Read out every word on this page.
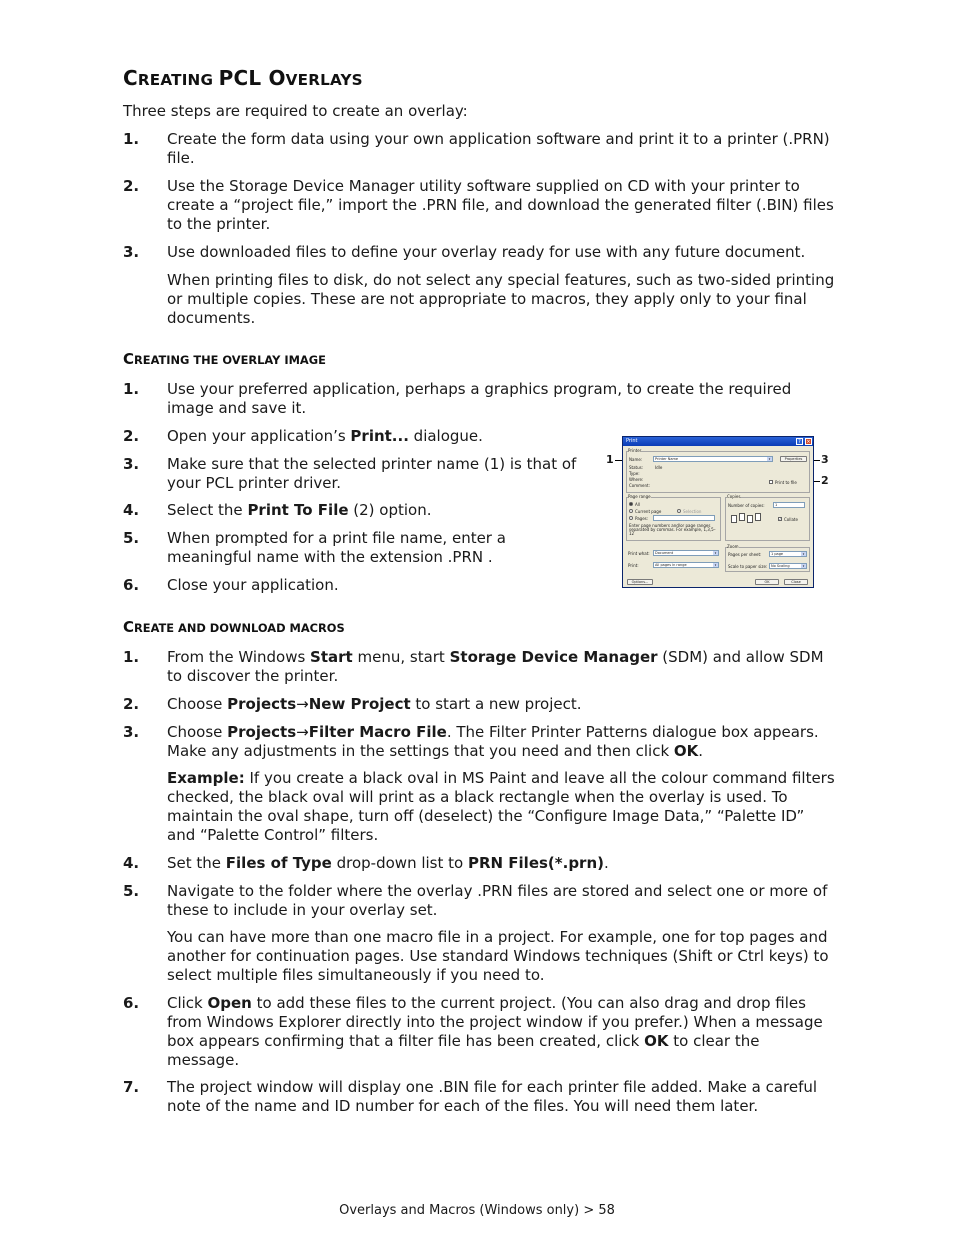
CREATING PCL OVERLAYS
Three steps are required to create an overlay:
1. Create the form data using your own application software and print it to a printer (.PRN) file.
2. Use the Storage Device Manager utility software supplied on CD with your printer to create a “project file,” import the .PRN file, and download the generated filter (.BIN) files to the printer.
3. Use downloaded files to define your overlay ready for use with any future document.
When printing files to disk, do not select any special features, such as two-sided printing or multiple copies. These are not appropriate to macros, they apply only to your final documents.
CREATING THE OVERLAY IMAGE
1. Use your preferred application, perhaps a graphics program, to create the required image and save it.
2. Open your application’s Print... dialogue.
3. Make sure that the selected printer name (1) is that of your PCL printer driver.
4. Select the Print To File (2) option.
5. When prompted for a print file name, enter a meaningful name with the extension .PRN .
6. Close your application.
1	3
2
Print	?	×
Printer
Name:	Printer Name	▾	Properties
Status:	Idle
Type:
Where:
Comment:
Print to file
Page range
All
Current page	Selection
Pages:
Enter page numbers and/or page ranges separated by commas. For example, 1,3,5–12
Copies
Number of copies:	1
✓ Collate
Print what:	Document	▾
Print:	All pages in range	▾
Zoom
Pages per sheet:	1 page	▾
Scale to paper size:	No Scaling	▾
Options...	OK	Close
CREATE AND DOWNLOAD MACROS
1. From the Windows Start menu, start Storage Device Manager (SDM) and allow SDM to discover the printer.
2. Choose Projects→New Project to start a new project.
3. Choose Projects→Filter Macro File. The Filter Printer Patterns dialogue box appears. Make any adjustments in the settings that you need and then click OK.
Example: If you create a black oval in MS Paint and leave all the colour command filters checked, the black oval will print as a black rectangle when the overlay is used. To maintain the oval shape, turn off (deselect) the “Configure Image Data,” “Palette ID” and “Palette Control” filters.
4. Set the Files of Type drop-down list to PRN Files(*.prn).
5. Navigate to the folder where the overlay .PRN files are stored and select one or more of these to include in your overlay set.
You can have more than one macro file in a project. For example, one for top pages and another for continuation pages. Use standard Windows techniques (Shift or Ctrl keys) to select multiple files simultaneously if you need to.
6. Click Open to add these files to the current project. (You can also drag and drop files from Windows Explorer directly into the project window if you prefer.) When a message box appears confirming that a filter file has been created, click OK to clear the message.
7. The project window will display one .BIN file for each printer file added. Make a careful note of the name and ID number for each of the files. You will need them later.
Overlays and Macros (Windows only) > 58
